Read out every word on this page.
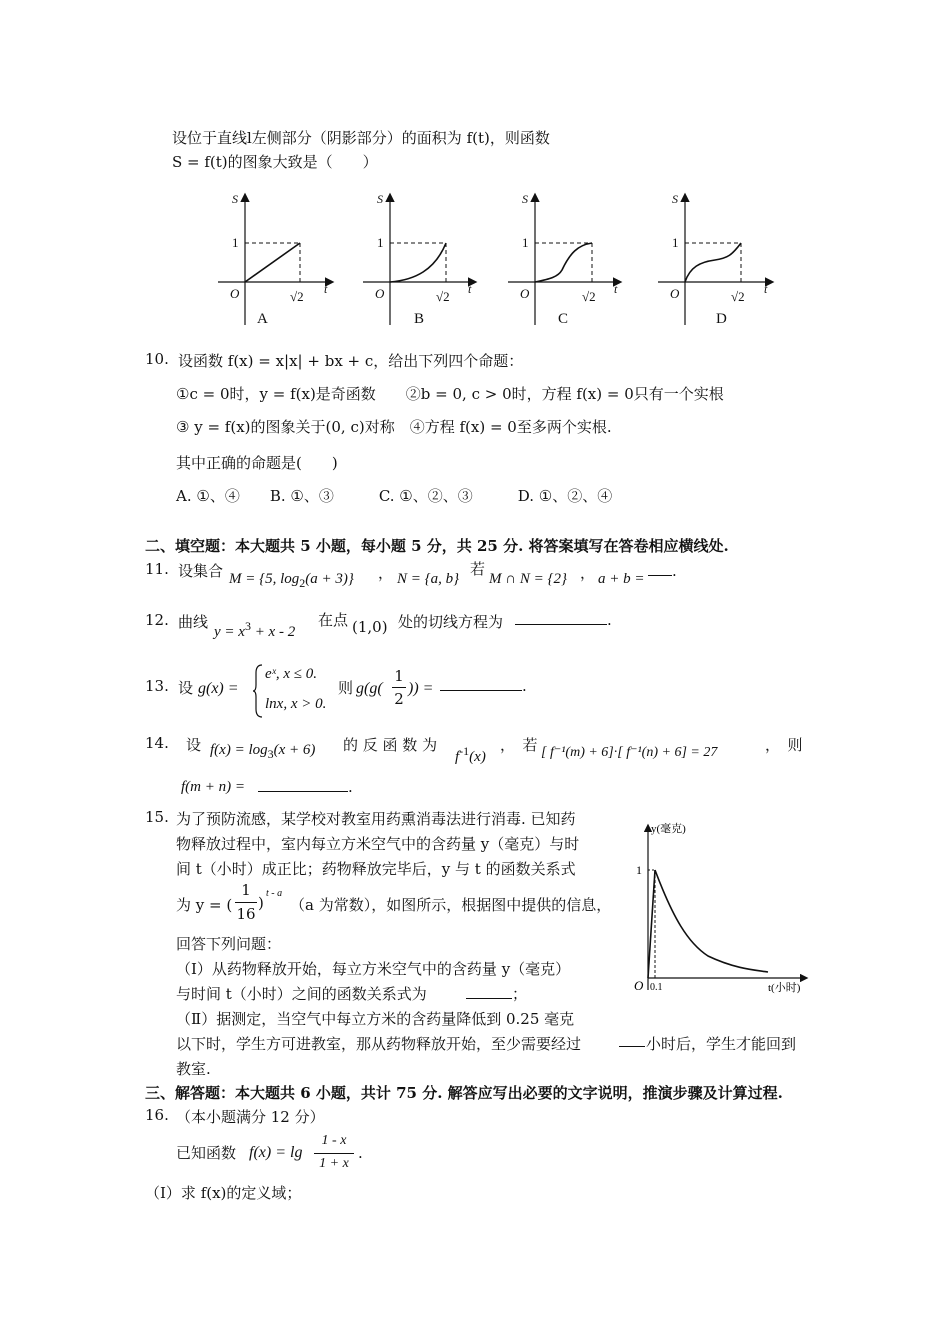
设位于直线l左侧部分（阴影部分）的面积为 f(t)，则函数
S = f(t)的图象大致是（　　）
S
t
S
t
S
t
S
t
O
1
√2	O
1
√2	O
1
√2	O
1
√2
A	B	C	D
10. 设函数 f(x) = x|x| + bx + c，给出下列四个命题：
①c = 0时，y = f(x)是奇函数　　②b = 0, c > 0时，方程 f(x) = 0只有一个实根
③ y = f(x)的图象关于(0, c)对称　④方程 f(x) = 0至多两个实根.
其中正确的命题是(　　)
A. ①、④　　B. ①、③　　　C. ①、②、③　　　D. ①、②、④
二、填空题：本大题共 5 小题，每小题 5 分，共 25 分. 将答案填写在答卷相应横线处.
11. 设集合 M = {5, $\log_2(a + 3)$} ， N = {a, b}
若
M ∩ N = {2} ， a + b =	.
12. 曲线
$y = x^3 + x - 2$
在点 (1,0) 处的切线方程为	.
13. 设 g(x) =
eˣ, x ≤ 0.
lnx, x > 0.
则 g(g(
1
2
)) =	.
14. 设 $f(x) = \log_3(x + 6)$ 的 反 函 数 为
$f^{-1}(x)$
，　若 [ f⁻¹(m) + 6]·[ f⁻¹(n) + 6] = 27	，　则
f(m + n) =	.
15. 为了预防流感，某学校对教室用药熏消毒法进行消毒. 已知药
物释放过程中，室内每立方米空气中的含药量 y（毫克）与时
间 t（小时）成正比；药物释放完毕后，y 与 t 的函数关系式
为 y = (
1
16
)
t - a
（a 为常数），如图所示，根据图中提供的信息，
回答下列问题：
（Ⅰ）从药物释放开始，每立方米空气中的含药量 y（毫克）
与时间 t（小时）之间的函数关系式为	；
（Ⅱ）据测定，当空气中每立方米的含药量降低到 0.25 毫克
以下时，学生方可进教室，那从药物释放开始，至少需要经过	小时后，学生才能回到
教室.
y(毫克)
t(小时)
O 0.1
1
三、解答题：本大题共 6 小题，共计 75 分. 解答应写出必要的文字说明，推演步骤及计算过程.
16. （本小题满分 12 分）
已知函数 f(x) = lg
1 - x
1 + x
.
（Ⅰ）求 f(x)的定义域；
